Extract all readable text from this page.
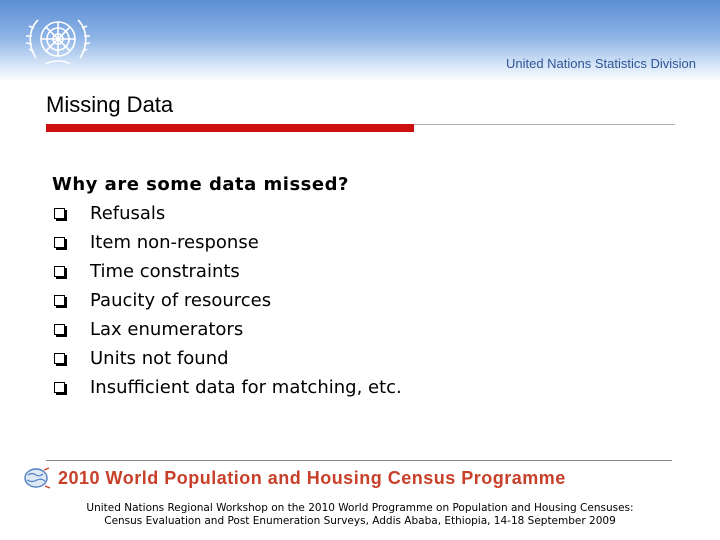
United Nations Statistics Division
Missing Data
Why are some data missed?
Refusals
Item non-response
Time constraints
Paucity of resources
Lax enumerators
Units not found
Insufficient data for matching, etc.
2010 World Population and Housing Census Programme
United Nations Regional Workshop on the 2010 World Programme on Population and Housing Censuses:
Census Evaluation and Post Enumeration Surveys, Addis Ababa, Ethiopia, 14-18 September 2009
